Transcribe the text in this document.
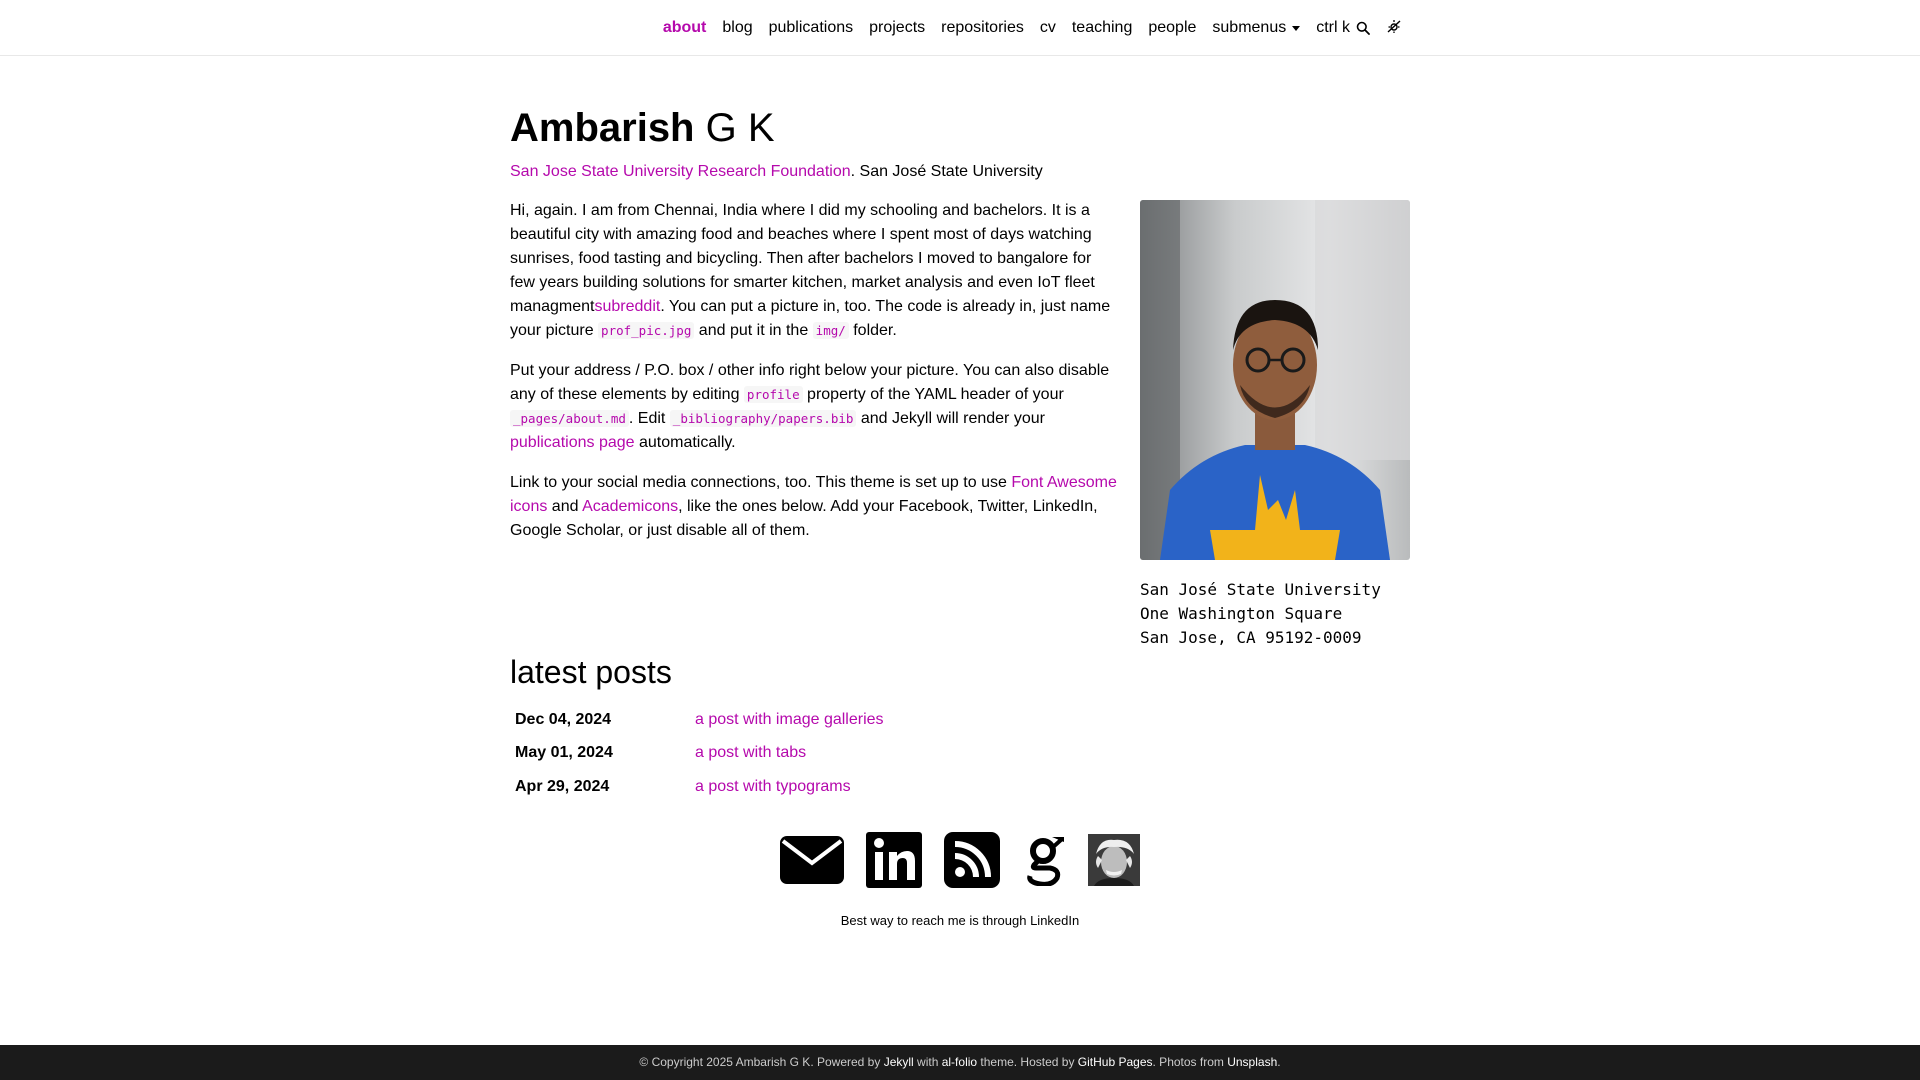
about	blog	publications	projects	repositories	cv	teaching	people	submenus ctrl k
Ambarish G K
San Jose State University Research Foundation. San José State University

Hi, again. I am from Chennai, India where I did my schooling and bachelors. It is a beautiful city with amazing food and beaches where I spent most of days watching sunrises, food tasting and bicycling. Then after bachelors I moved to bangalore for few years building solutions for smarter kitchen, market analysis and even IoT fleet managmentsubreddit. You can put a picture in, too. The code is already in, just name your picture prof_pic.jpg and put it in the img/ folder.

Put your address / P.O. box / other info right below your picture. You can also disable any of these elements by editing profile property of the YAML header of your _pages/about.md . Edit _bibliography/papers.bib and Jekyll will render your publications page automatically.

Link to your social media connections, too. This theme is set up to use Font Awesome icons and Academicons, like the ones below. Add your Facebook, Twitter, LinkedIn, Google Scholar, or just disable all of them.

San José State University
One Washington Square
San Jose, CA 95192-0009
latest posts
Dec 04, 2024	a post with image galleries
May 01, 2024	a post with tabs
Apr 29, 2024	a post with typograms
Best way to reach me is through LinkedIn
© Copyright 2025 Ambarish G K. Powered by Jekyll with al-folio theme. Hosted by GitHub Pages. Photos from Unsplash.
